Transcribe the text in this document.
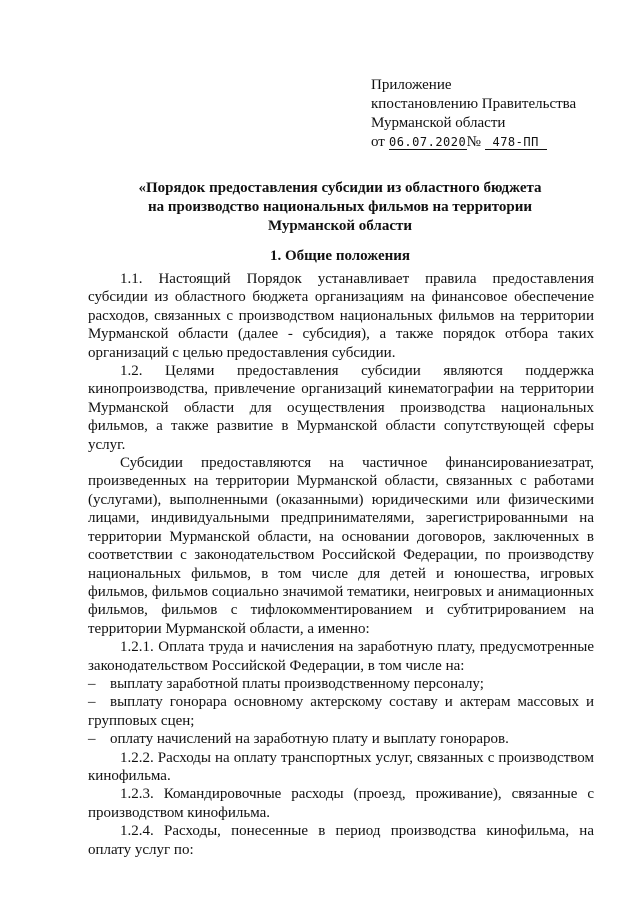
Приложение
кпостановлению Правительства
Мурманской области
от 06.07.2020№ 478-ПП
«Порядок предоставления субсидии из областного бюджета
на производство национальных фильмов на территории
Мурманской области
1. Общие положения

1.1. Настоящий Порядок устанавливает правила предоставления субсидии из областного бюджета организациям на финансовое обеспечение расходов, связанных с производством национальных фильмов на территории Мурманской области (далее - субсидия), а также порядок отбора таких организаций с целью предоставления субсидии.

1.2. Целями предоставления субсидии являются поддержка кинопроизводства, привлечение организаций кинематографии на территории Мурманской области для осуществления производства национальных фильмов, а также развитие в Мурманской области сопутствующей сферы услуг.

Субсидии предоставляются на частичное финансированиезатрат, произведенных на территории Мурманской области, связанных с работами (услугами), выполненными (оказанными) юридическими или физическими лицами, индивидуальными предпринимателями, зарегистрированными на территории Мурманской области, на основании договоров, заключенных в соответствии с законодательством Российской Федерации, по производству национальных фильмов, в том числе для детей и юношества, игровых фильмов, фильмов социально значимой тематики, неигровых и анимационных фильмов, фильмов с тифлокомментированием и субтитрированием на территории Мурманской области, а именно:

1.2.1. Оплата труда и начисления на заработную плату, предусмотренные законодательством Российской Федерации, в том числе на:

– выплату заработной платы производственному персоналу;

– выплату гонорара основному актерскому составу и актерам массовых и групповых сцен;

– оплату начислений на заработную плату и выплату гонораров.

1.2.2. Расходы на оплату транспортных услуг, связанных с производством кинофильма.

1.2.3. Командировочные расходы (проезд, проживание), связанные с производством кинофильма.

1.2.4. Расходы, понесенные в период производства кинофильма, на оплату услуг по:
